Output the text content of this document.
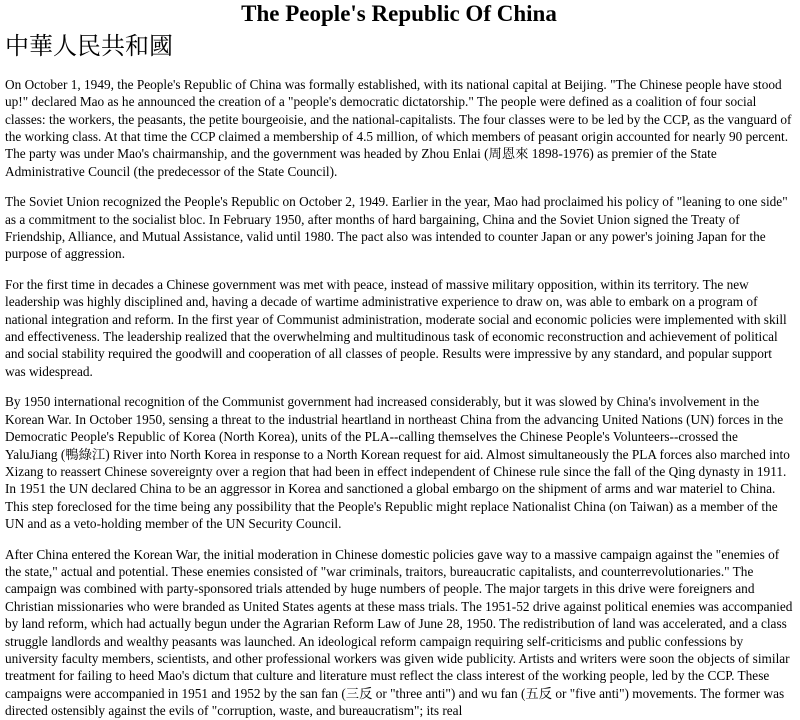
The People's Republic Of China
中華人民共和國

On October 1, 1949, the People's Republic of China was formally established, with its national capital at Beijing. "The Chinese people have stood up!" declared Mao as he announced the creation of a "people's democratic dictatorship." The people were defined as a coalition of four social classes: the workers, the peasants, the petite bourgeoisie, and the national-capitalists. The four classes were to be led by the CCP, as the vanguard of the working class. At that time the CCP claimed a membership of 4.5 million, of which members of peasant origin accounted for nearly 90 percent. The party was under Mao's chairmanship, and the government was headed by Zhou Enlai (周恩來 1898-1976) as premier of the State Administrative Council (the predecessor of the State Council).

The Soviet Union recognized the People's Republic on October 2, 1949. Earlier in the year, Mao had proclaimed his policy of "leaning to one side" as a commitment to the socialist bloc. In February 1950, after months of hard bargaining, China and the Soviet Union signed the Treaty of Friendship, Alliance, and Mutual Assistance, valid until 1980. The pact also was intended to counter Japan or any power's joining Japan for the purpose of aggression.

For the first time in decades a Chinese government was met with peace, instead of massive military opposition, within its territory. The new leadership was highly disciplined and, having a decade of wartime administrative experience to draw on, was able to embark on a program of national integration and reform. In the first year of Communist administration, moderate social and economic policies were implemented with skill and effectiveness. The leadership realized that the overwhelming and multitudinous task of economic reconstruction and achievement of political and social stability required the goodwill and cooperation of all classes of people. Results were impressive by any standard, and popular support was widespread.

By 1950 international recognition of the Communist government had increased considerably, but it was slowed by China's involvement in the Korean War. In October 1950, sensing a threat to the industrial heartland in northeast China from the advancing United Nations (UN) forces in the Democratic People's Republic of Korea (North Korea), units of the PLA--calling themselves the Chinese People's Volunteers--crossed the YaluJiang (鴨綠江) River into North Korea in response to a North Korean request for aid. Almost simultaneously the PLA forces also marched into Xizang to reassert Chinese sovereignty over a region that had been in effect independent of Chinese rule since the fall of the Qing dynasty in 1911. In 1951 the UN declared China to be an aggressor in Korea and sanctioned a global embargo on the shipment of arms and war materiel to China. This step foreclosed for the time being any possibility that the People's Republic might replace Nationalist China (on Taiwan) as a member of the UN and as a veto-holding member of the UN Security Council.

After China entered the Korean War, the initial moderation in Chinese domestic policies gave way to a massive campaign against the "enemies of the state," actual and potential. These enemies consisted of "war criminals, traitors, bureaucratic capitalists, and counterrevolutionaries." The campaign was combined with party-sponsored trials attended by huge numbers of people. The major targets in this drive were foreigners and Christian missionaries who were branded as United States agents at these mass trials. The 1951-52 drive against political enemies was accompanied by land reform, which had actually begun under the Agrarian Reform Law of June 28, 1950. The redistribution of land was accelerated, and a class struggle landlords and wealthy peasants was launched. An ideological reform campaign requiring self-criticisms and public confessions by university faculty members, scientists, and other professional workers was given wide publicity. Artists and writers were soon the objects of similar treatment for failing to heed Mao's dictum that culture and literature must reflect the class interest of the working people, led by the CCP. These campaigns were accompanied in 1951 and 1952 by the san fan (三反 or "three anti") and wu fan (五反 or "five anti") movements. The former was directed ostensibly against the evils of "corruption, waste, and bureaucratism"; its real
